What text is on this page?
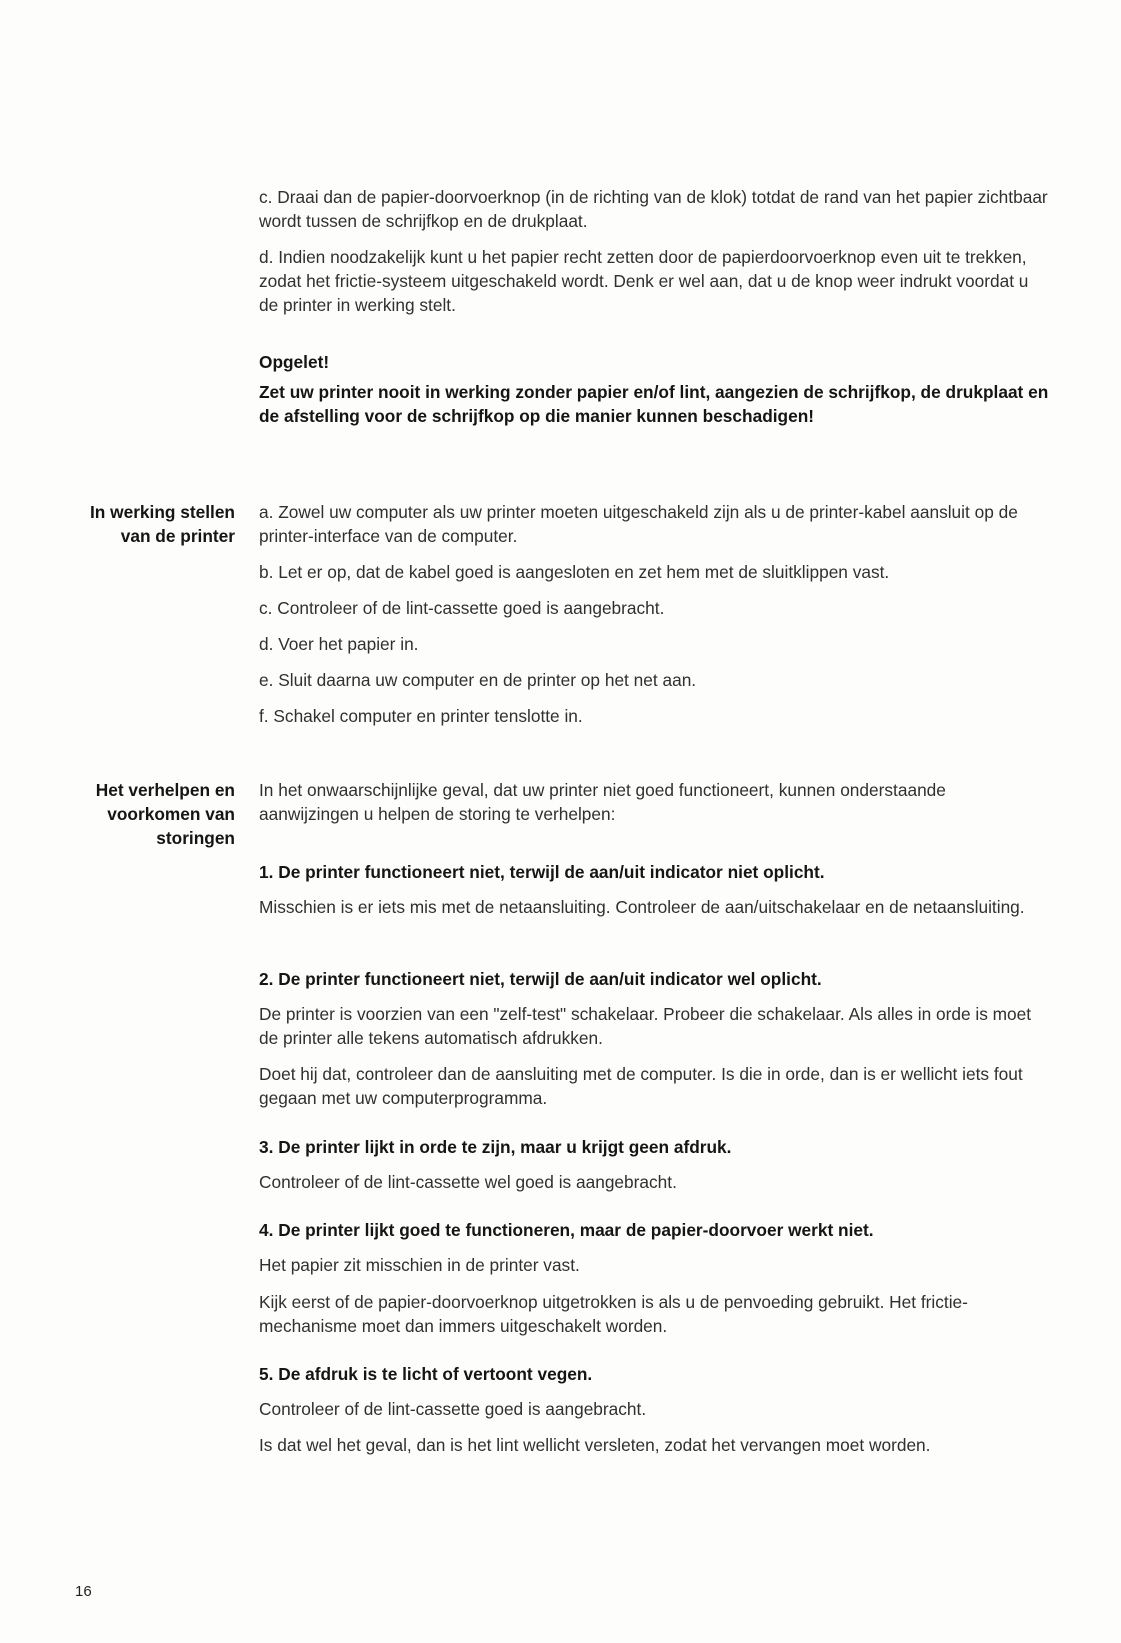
c. Draai dan de papier-doorvoerknop (in de richting van de klok) totdat de rand van het papier zichtbaar wordt tussen de schrijfkop en de drukplaat.

d. Indien noodzakelijk kunt u het papier recht zetten door de papierdoorvoerknop even uit te trekken, zodat het frictie-systeem uitgeschakeld wordt. Denk er wel aan, dat u de knop weer indrukt voordat u de printer in werking stelt.

Opgelet!

Zet uw printer nooit in werking zonder papier en/of lint, aangezien de schrijfkop, de drukplaat en de afstelling voor de schrijfkop op die manier kunnen beschadigen!

In werking stellen van de printer

a. Zowel uw computer als uw printer moeten uitgeschakeld zijn als u de printer-kabel aansluit op de printer-interface van de computer.

b. Let er op, dat de kabel goed is aangesloten en zet hem met de sluitklippen vast.

c. Controleer of de lint-cassette goed is aangebracht.

d. Voer het papier in.

e. Sluit daarna uw computer en de printer op het net aan.

f. Schakel computer en printer tenslotte in.

Het verhelpen en voorkomen van storingen

In het onwaarschijnlijke geval, dat uw printer niet goed functioneert, kunnen onderstaande aanwijzingen u helpen de storing te verhelpen:

1. De printer functioneert niet, terwijl de aan/uit indicator niet oplicht.

Misschien is er iets mis met de netaansluiting. Controleer de aan/uitschakelaar en de netaansluiting.

2. De printer functioneert niet, terwijl de aan/uit indicator wel oplicht.

De printer is voorzien van een "zelf-test" schakelaar. Probeer die schakelaar. Als alles in orde is moet de printer alle tekens automatisch afdrukken.

Doet hij dat, controleer dan de aansluiting met de computer. Is die in orde, dan is er wellicht iets fout gegaan met uw computerprogramma.

3. De printer lijkt in orde te zijn, maar u krijgt geen afdruk.

Controleer of de lint-cassette wel goed is aangebracht.

4. De printer lijkt goed te functioneren, maar de papier-doorvoer werkt niet.

Het papier zit misschien in de printer vast.

Kijk eerst of de papier-doorvoerknop uitgetrokken is als u de penvoeding gebruikt. Het frictie-mechanisme moet dan immers uitgeschakelt worden.

5. De afdruk is te licht of vertoont vegen.

Controleer of de lint-cassette goed is aangebracht.

Is dat wel het geval, dan is het lint wellicht versleten, zodat het vervangen moet worden.

16
